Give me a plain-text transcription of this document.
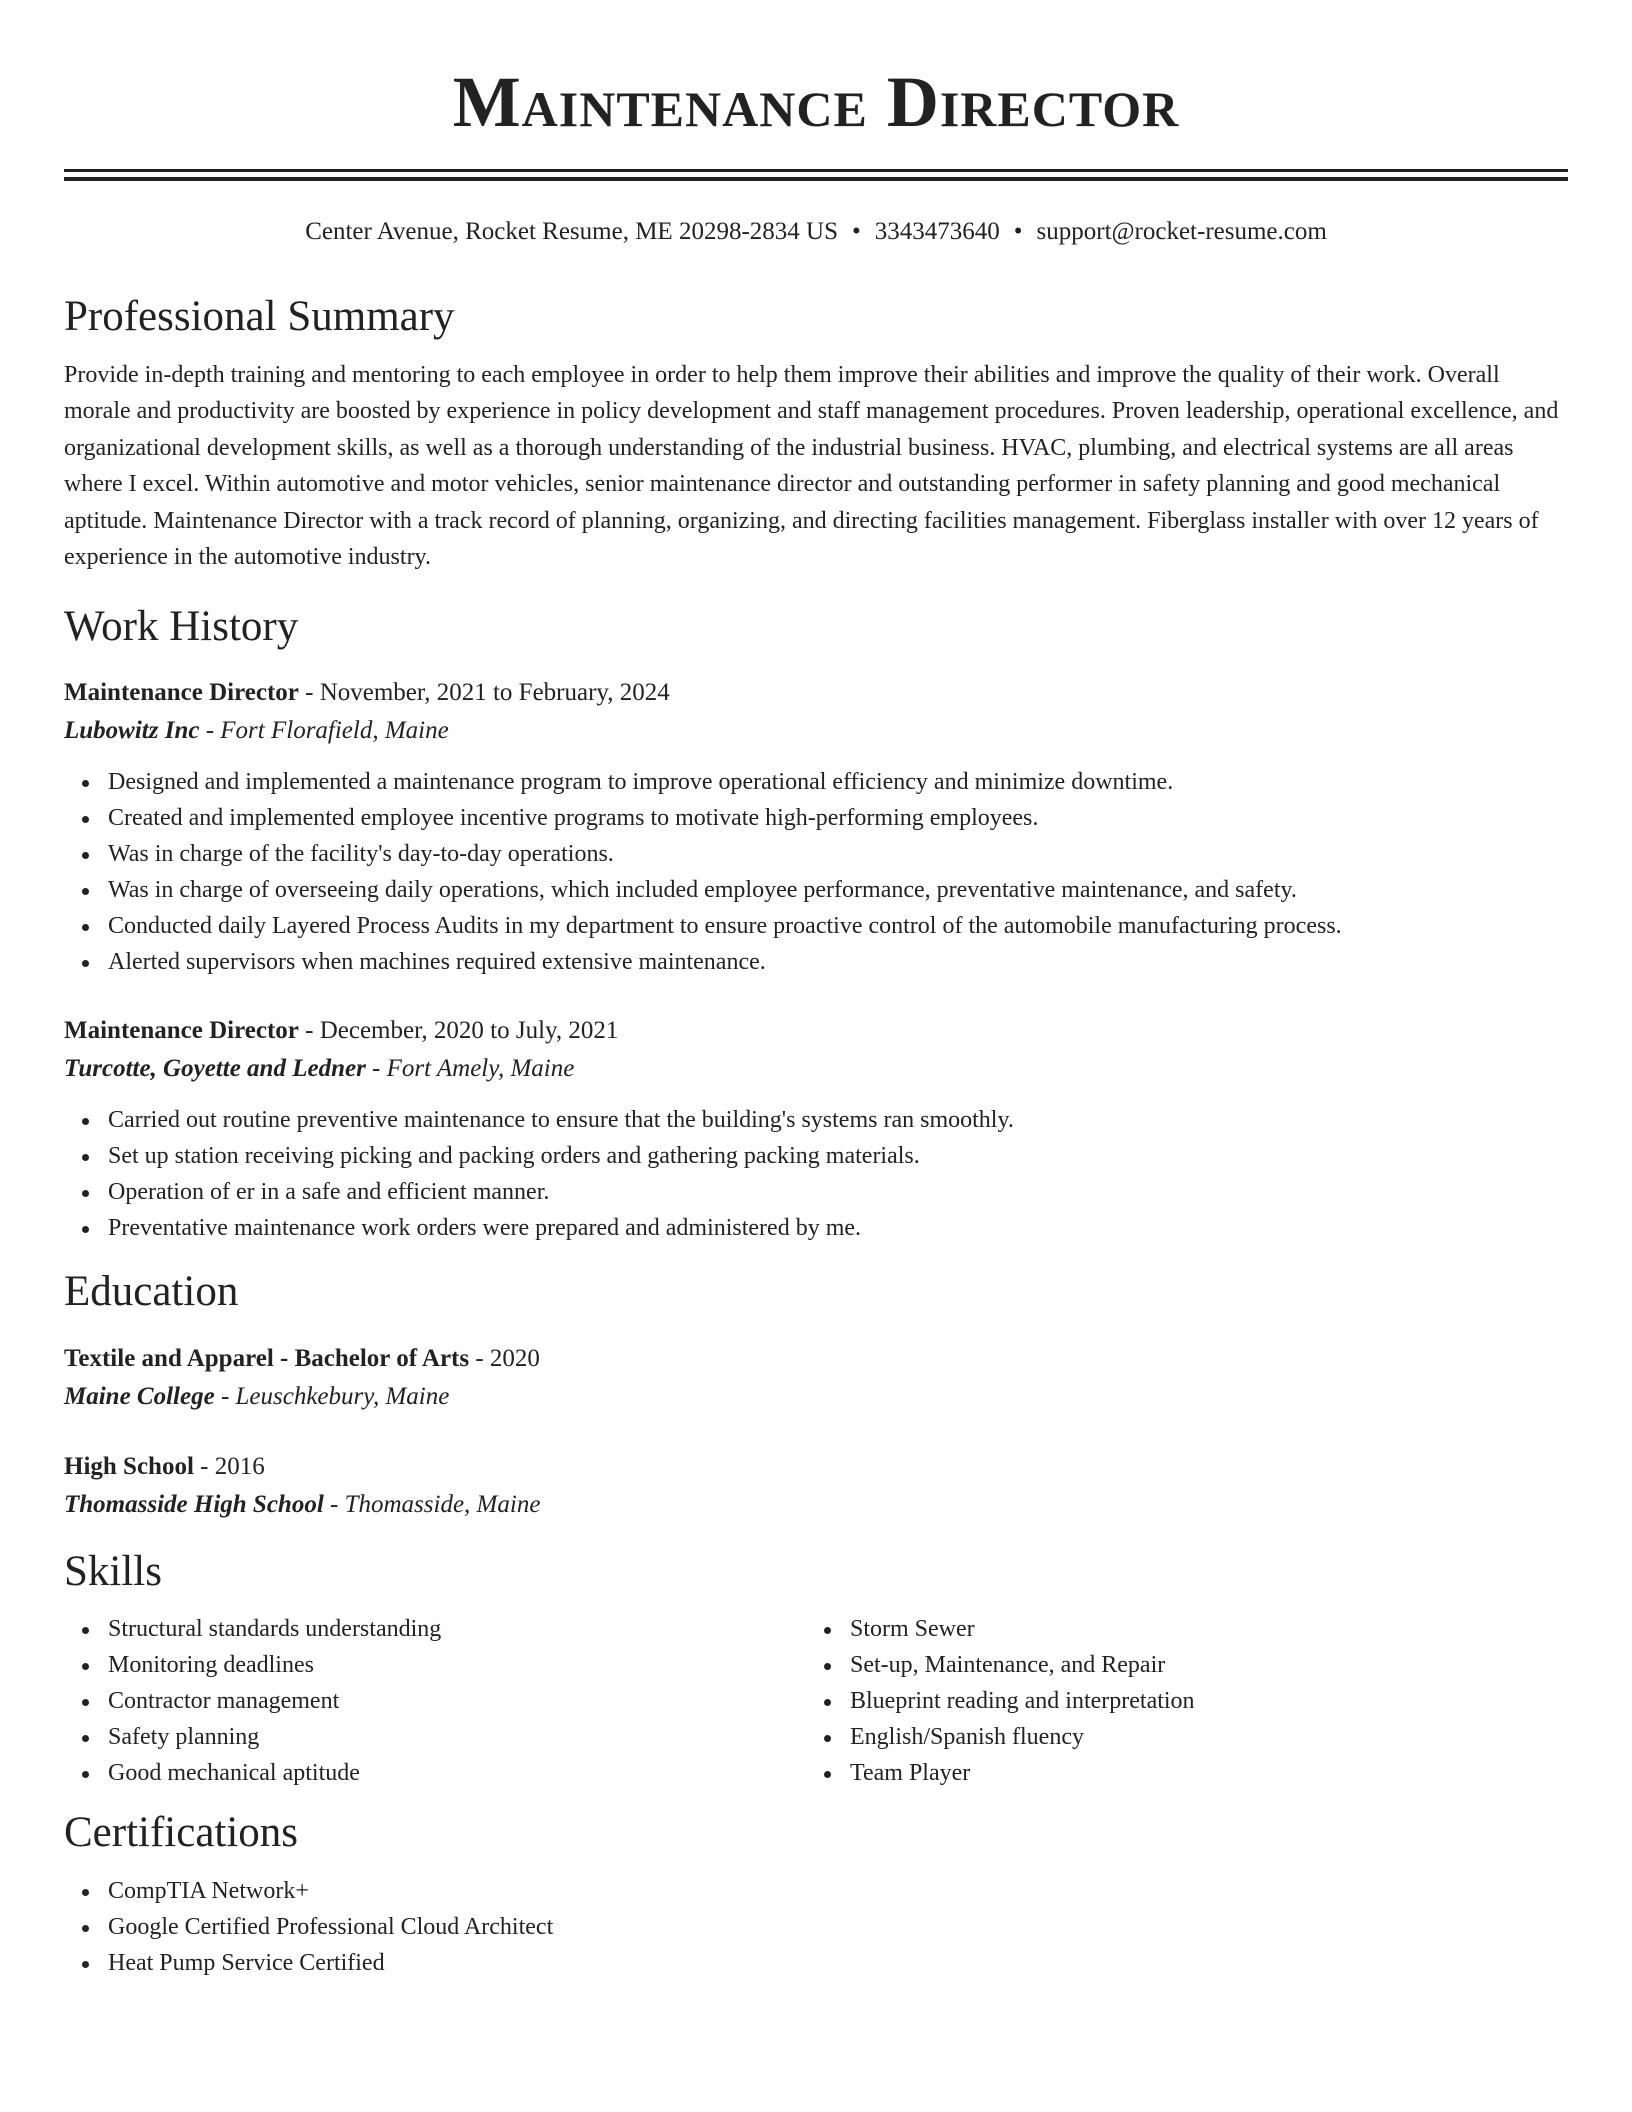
Maintenance Director
Center Avenue, Rocket Resume, ME 20298-2834 US • 3343473640 • support@rocket-resume.com
Professional Summary

Provide in-depth training and mentoring to each employee in order to help them improve their abilities and improve the quality of their work. Overall morale and productivity are boosted by experience in policy development and staff management procedures. Proven leadership, operational excellence, and organizational development skills, as well as a thorough understanding of the industrial business. HVAC, plumbing, and electrical systems are all areas where I excel. Within automotive and motor vehicles, senior maintenance director and outstanding performer in safety planning and good mechanical aptitude. Maintenance Director with a track record of planning, organizing, and directing facilities management. Fiberglass installer with over 12 years of experience in the automotive industry.

Work History

Maintenance Director - November, 2021 to February, 2024

Lubowitz Inc - Fort Florafield, Maine

Designed and implemented a maintenance program to improve operational efficiency and minimize downtime.
Created and implemented employee incentive programs to motivate high-performing employees.
Was in charge of the facility's day-to-day operations.
Was in charge of overseeing daily operations, which included employee performance, preventative maintenance, and safety.
Conducted daily Layered Process Audits in my department to ensure proactive control of the automobile manufacturing process.
Alerted supervisors when machines required extensive maintenance.

Maintenance Director - December, 2020 to July, 2021

Turcotte, Goyette and Ledner - Fort Amely, Maine

Carried out routine preventive maintenance to ensure that the building's systems ran smoothly.
Set up station receiving picking and packing orders and gathering packing materials.
Operation of er in a safe and efficient manner.
Preventative maintenance work orders were prepared and administered by me.
Education

Textile and Apparel - Bachelor of Arts - 2020

Maine College - Leuschkebury, Maine

High School - 2016

Thomasside High School - Thomasside, Maine

Skills
Structural standards understanding
Monitoring deadlines
Contractor management
Safety planning
Good mechanical aptitude
Storm Sewer
Set-up, Maintenance, and Repair
Blueprint reading and interpretation
English/Spanish fluency
Team Player
Certifications
CompTIA Network+
Google Certified Professional Cloud Architect
Heat Pump Service Certified
